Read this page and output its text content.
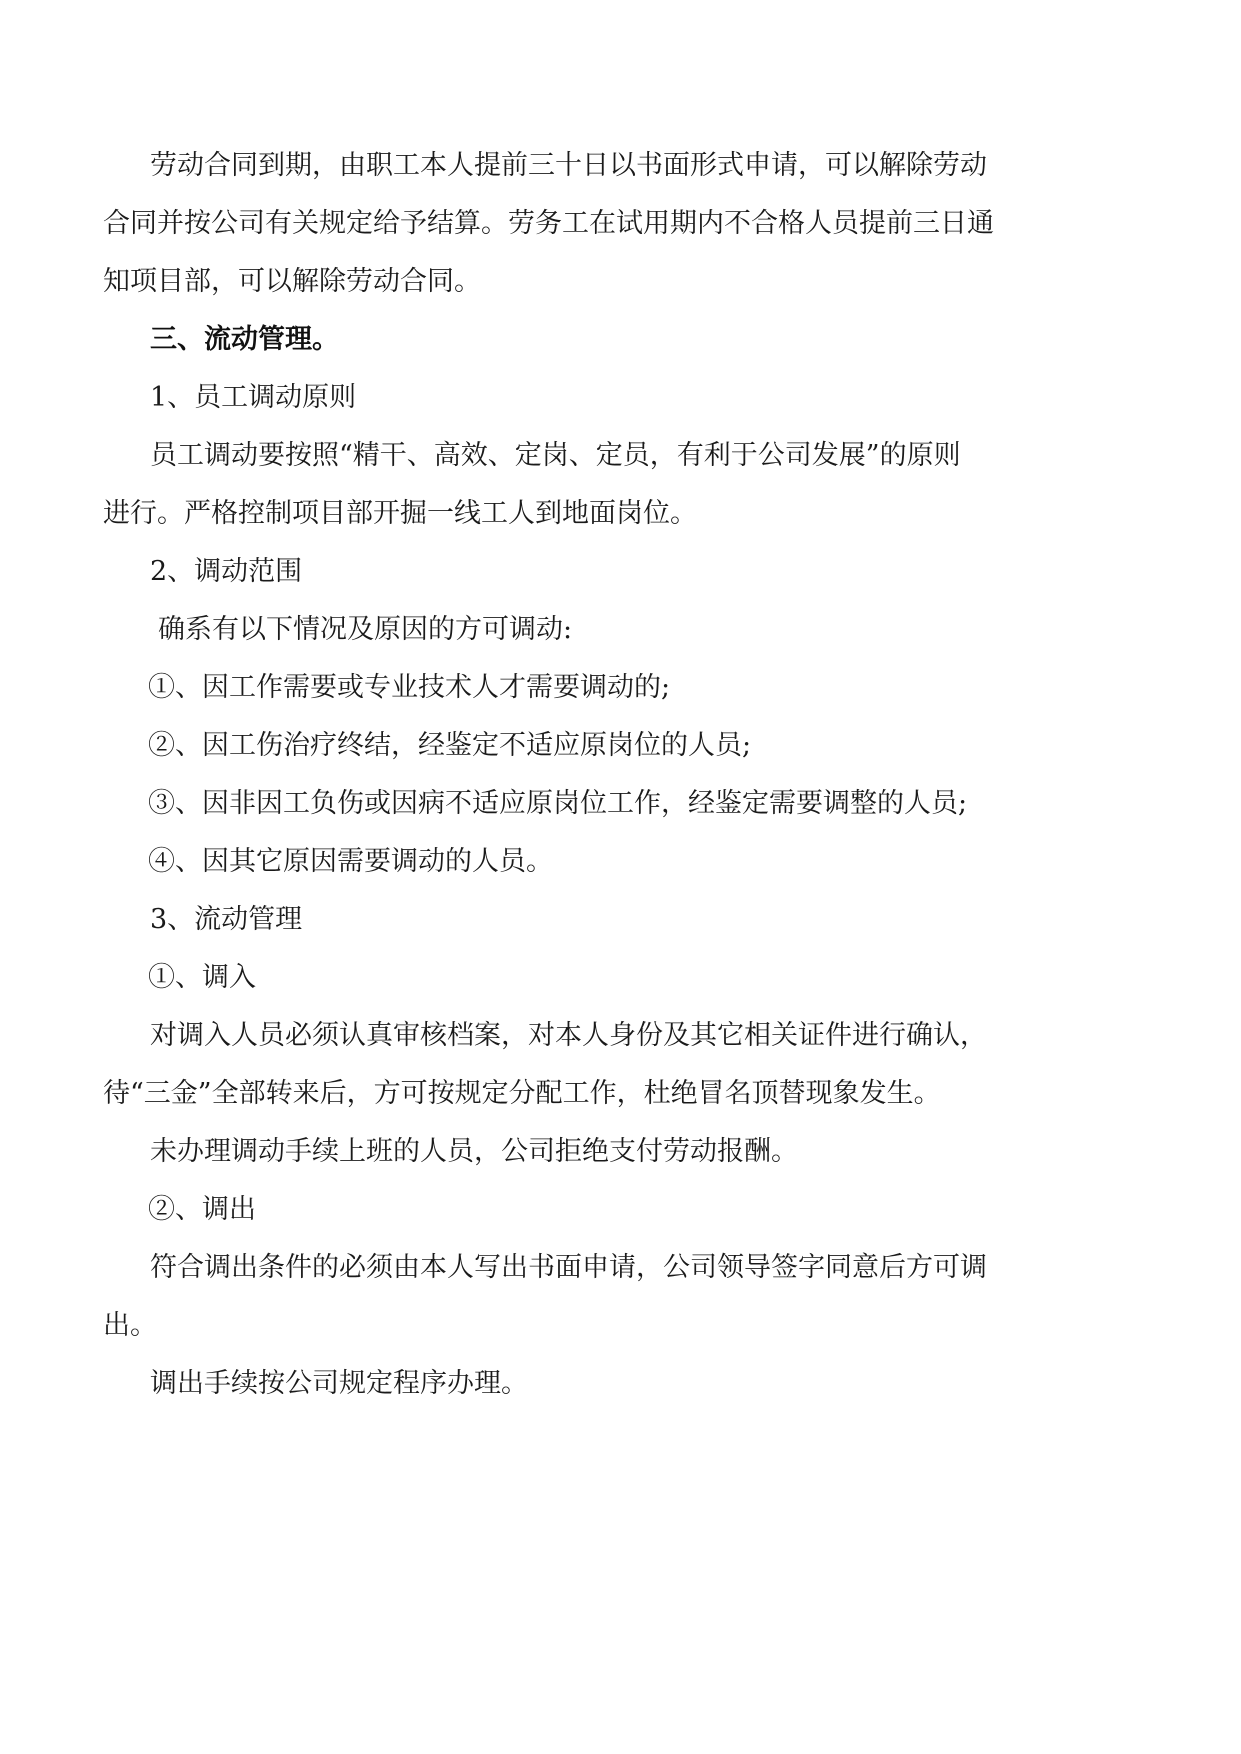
劳动合同到期，由职工本人提前三十日以书面形式申请，可以解除劳动
合同并按公司有关规定给予结算。劳务工在试用期内不合格人员提前三日通
知项目部，可以解除劳动合同。
三、流动管理。
1、员工调动原则
员工调动要按照“精干、高效、定岗、定员，有利于公司发展”的原则
进行。严格控制项目部开掘一线工人到地面岗位。
2、调动范围
确系有以下情况及原因的方可调动:
①、因工作需要或专业技术人才需要调动的;
②、因工伤治疗终结，经鉴定不适应原岗位的人员;
③、因非因工负伤或因病不适应原岗位工作，经鉴定需要调整的人员;
④、因其它原因需要调动的人员。
3、流动管理
①、调入
对调入人员必须认真审核档案，对本人身份及其它相关证件进行确认，
待“三金”全部转来后，方可按规定分配工作，杜绝冒名顶替现象发生。
未办理调动手续上班的人员，公司拒绝支付劳动报酬。
②、调出
符合调出条件的必须由本人写出书面申请，公司领导签字同意后方可调
出。
调出手续按公司规定程序办理。
